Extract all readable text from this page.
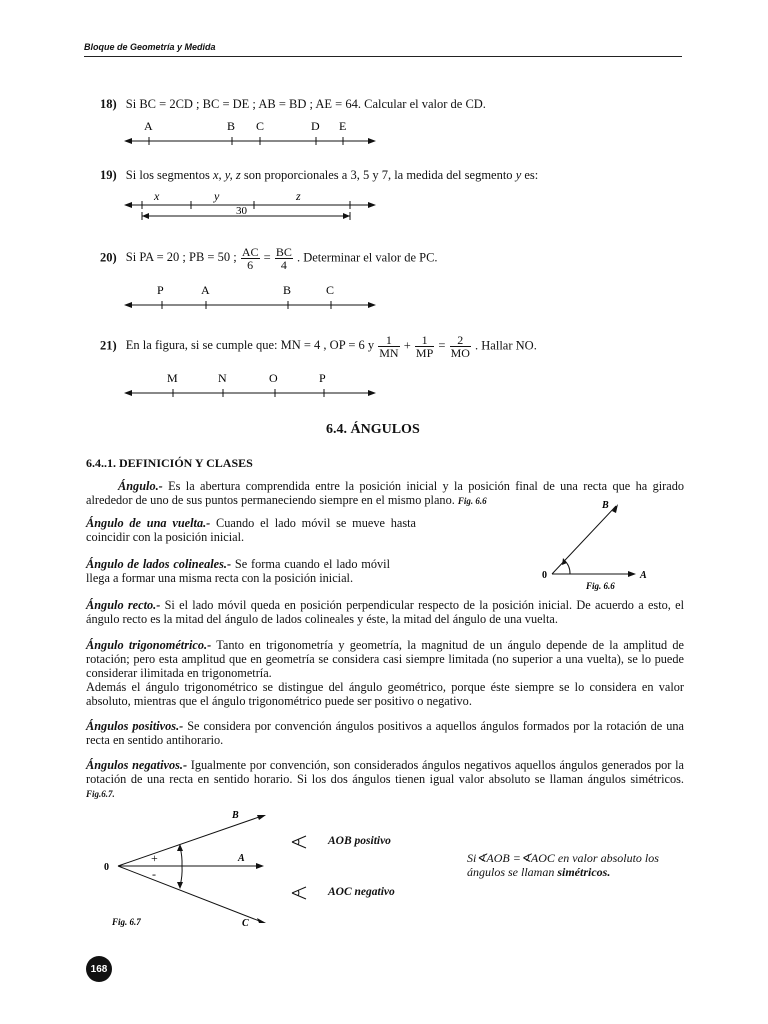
Bloque de Geometría y Medida
18) Si BC = 2CD ; BC = DE ; AB = BD ; AE = 64. Calcular el valor de CD.
A	B C	D E
19) Si los segmentos x, y, z son proporcionales a 3, 5 y 7, la medida del segmento y es:
x	y	z
30
20) Si PA = 20 ; PB = 50 ; $\frac{AC}{6} = \frac{BC}{4}$ . Determinar el valor de PC.
P	A	B	C
21) En la figura, si se cumple que: MN = 4 , OP = 6 y $\frac{1}{MN} + \frac{1}{MP} = \frac{2}{MO}$ . Hallar NO.
M	N	O	P
6.4. ÁNGULOS
6.4..1. DEFINICIÓN Y CLASES
Ángulo.- Es la abertura comprendida entre la posición inicial y la posición final de una recta que ha girado alrededor de uno de sus puntos permaneciendo siempre en el mismo plano. Fig. 6.6	B
0	A
Fig. 6.6
Ángulo de una vuelta.- Cuando el lado móvil se mueve hasta coincidir con la posición inicial.
Ángulo de lados colineales.- Se forma cuando el lado móvil llega a formar una misma recta con la posición inicial.
Ángulo recto.- Si el lado móvil queda en posición perpendicular respecto de la posición inicial. De acuerdo a esto, el ángulo recto es la mitad del ángulo de lados colineales y éste, la mitad del ángulo de una vuelta.
Ángulo trigonométrico.- Tanto en trigonometría y geometría, la magnitud de un ángulo depende de la amplitud de rotación; pero esta amplitud que en geometría se considera casi siempre limitada (no superior a una vuelta), se lo puede considerar ilimitada en trigonometría.
Además el ángulo trigonométrico se distingue del ángulo geométrico, porque éste siempre se lo considera en valor absoluto, mientras que el ángulo trigonométrico puede ser positivo o negativo.
Ángulos positivos.- Se considera por convención ángulos positivos a aquellos ángulos formados por la rotación de una recta en sentido antihorario.
Ángulos negativos.- Igualmente por convención, son considerados ángulos negativos aquellos ángulos generados por la rotación de una recta en sentido horario. Si los dos ángulos tienen igual valor absoluto se llaman ángulos simétricos. Fig.6.7.
B
0
A
C
+
-
Fig. 6.7
AOB positivo
AOC negativo
Si∢AOB =∢AOC en valor absoluto los
ángulos se llaman simétricos.
168
